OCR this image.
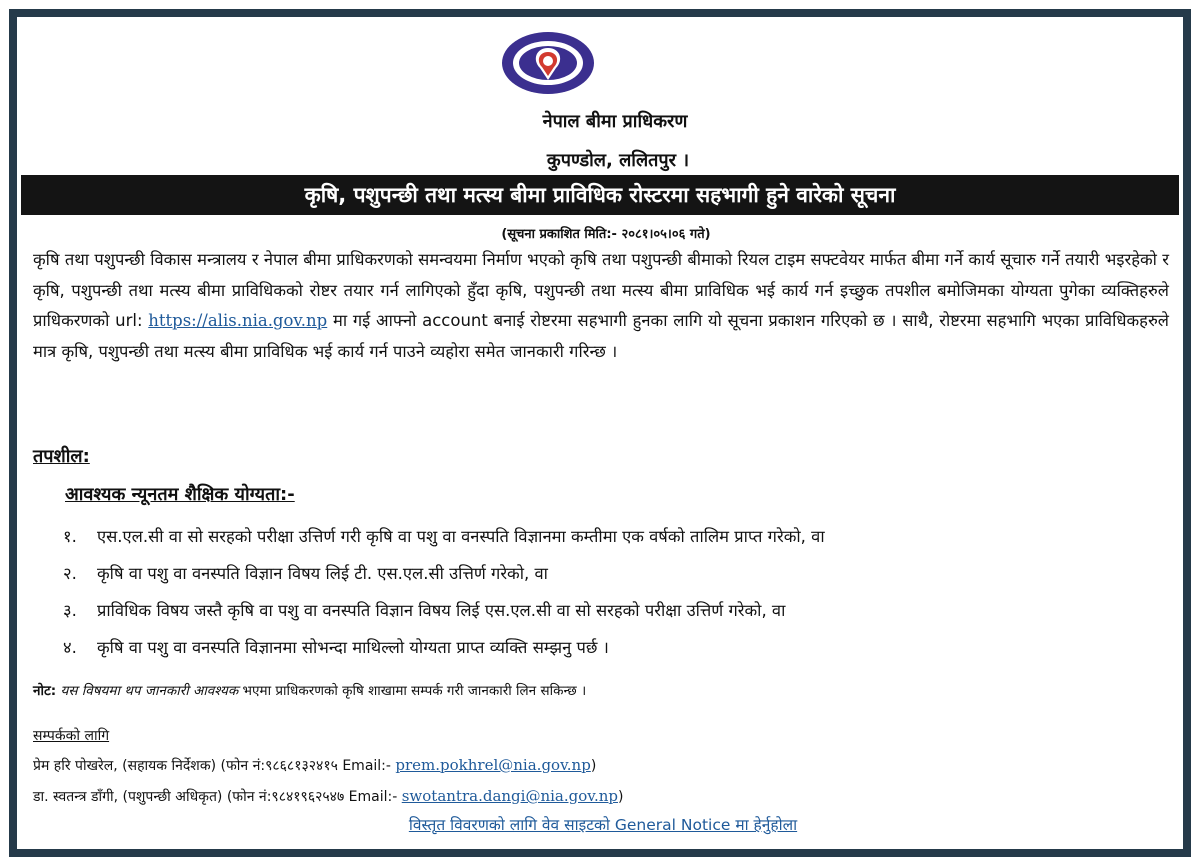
नेपाल बीमा प्राधिकरण
कुपण्डोल, ललितपुर ।
कृषि, पशुपन्छी तथा मत्स्य बीमा प्राविधिक रोस्टरमा सहभागी हुने वारेको सूचना
(सूचना प्रकाशित मिति:- २०८१।०५।०६ गते)
कृषि तथा पशुपन्छी विकास मन्त्रालय र नेपाल बीमा प्राधिकरणको समन्वयमा निर्माण भएको कृषि तथा पशुपन्छी बीमाको रियल टाइम सफ्टवेयर मार्फत बीमा गर्ने कार्य सूचारु गर्ने तयारी भइरहेको र कृषि, पशुपन्छी तथा मत्स्य बीमा प्राविधिकको रोष्टर तयार गर्न लागिएको हुँदा कृषि, पशुपन्छी तथा मत्स्य बीमा प्राविधिक भई कार्य गर्न इच्छुक तपशील बमोजिमका योग्यता पुगेका व्यक्तिहरुले प्राधिकरणको url: https://alis.nia.gov.np मा गई आफ्नो account बनाई रोष्टरमा सहभागी हुनका लागि यो सूचना प्रकाशन गरिएको छ । साथै, रोष्टरमा सहभागि भएका प्राविधिकहरुले मात्र कृषि, पशुपन्छी तथा मत्स्य बीमा प्राविधिक भई कार्य गर्न पाउने व्यहोरा समेत जानकारी गरिन्छ ।
तपशील:
आवश्यक न्यूनतम शैक्षिक योग्यता:-
१.	एस.एल.सी वा सो सरहको परीक्षा उत्तिर्ण गरी कृषि वा पशु वा वनस्पति विज्ञानमा कम्तीमा एक वर्षको तालिम प्राप्त गरेको, वा
२.	कृषि वा पशु वा वनस्पति विज्ञान विषय लिई टी. एस.एल.सी उत्तिर्ण गरेको, वा
३.	प्राविधिक विषय जस्तै कृषि वा पशु वा वनस्पति विज्ञान विषय लिई एस.एल.सी वा सो सरहको परीक्षा उत्तिर्ण गरेको, वा
४.	कृषि वा पशु वा वनस्पति विज्ञानमा सोभन्दा माथिल्लो योग्यता प्राप्त व्यक्ति सम्झनु पर्छ ।
नोट: यस विषयमा थप जानकारी आवश्यक भएमा प्राधिकरणको कृषि शाखामा सम्पर्क गरी जानकारी लिन सकिन्छ ।
सम्पर्कको लागि
प्रेम हरि पोखरेल, (सहायक निर्देशक) (फोन नं:९८६८१३२४१५ Email:- prem.pokhrel@nia.gov.np)
डा. स्वतन्त्र डाँगी, (पशुपन्छी अधिकृत) (फोन नं:९८४१९६२५४७ Email:- swotantra.dangi@nia.gov.np)
विस्तृत विवरणको लागि वेव साइटको General Notice मा हेर्नुहोला
